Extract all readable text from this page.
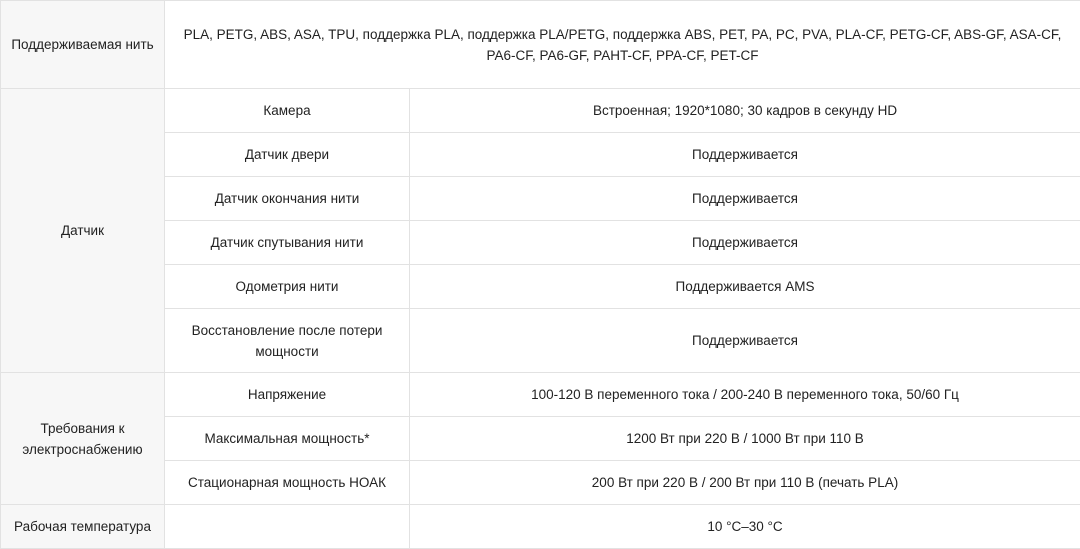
Поддерживаемая нить	PLA, PETG, ABS, ASA, TPU, поддержка PLA, поддержка PLA/PETG, поддержка ABS, PET, PA, PC, PVA, PLA-CF, PETG-CF, ABS-GF, ASA-CF, PA6-CF, PA6-GF, PAHT-CF, PPA-CF, PET-CF	
Датчик	Камера	Встроенная; 1920*1080; 30 кадров в секунду HD
	Датчик двери	Поддерживается
	Датчик окончания нити	Поддерживается
	Датчик спутывания нити	Поддерживается
	Одометрия нити	Поддерживается AMS
	Восстановление после потери мощности	Поддерживается
Требования к электроснабжению	Напряжение	100-120 В переменного тока / 200-240 В переменного тока, 50/60 Гц
	Максимальная мощность*	1200 Вт при 220 В / 1000 Вт при 110 В
	Стационарная мощность НОАК	200 Вт при 220 В / 200 Вт при 110 В (печать PLA)
Рабочая температура		10 °C–30 °C
